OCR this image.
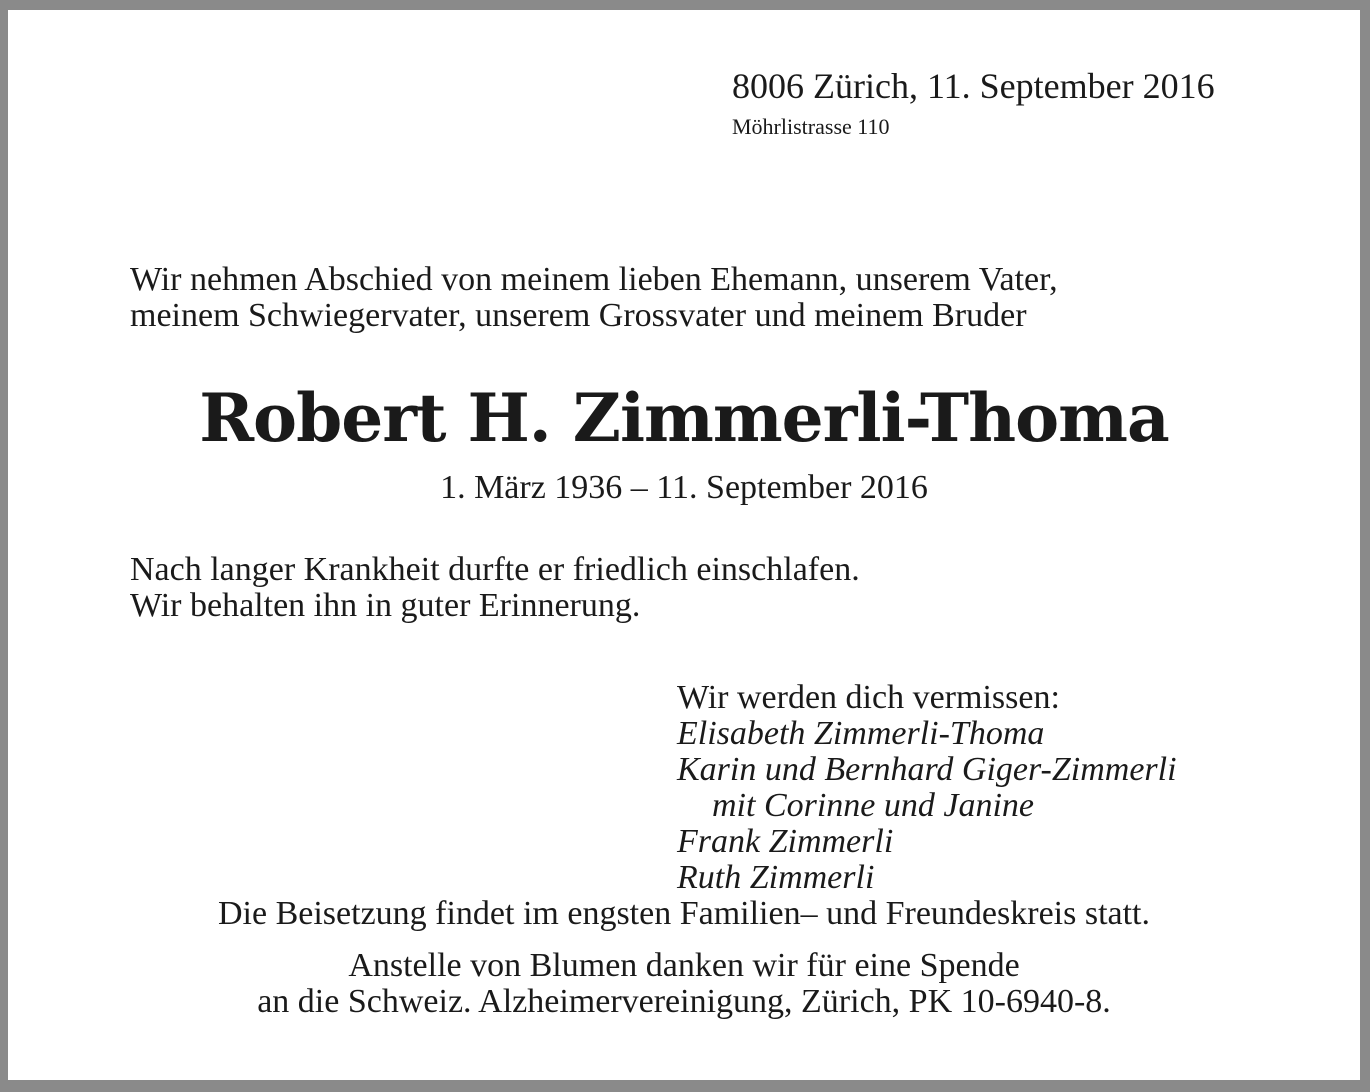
8006 Zürich, 11. September 2016

Möhrlistrasse 110

Wir nehmen Abschied von meinem lieben Ehemann, unserem Vater,
meinem Schwiegervater, unserem Grossvater und meinem Bruder
Robert H. Zimmerli-Thoma

1. März 1936 – 11. September 2016

Nach langer Krankheit durfte er friedlich einschlafen.
Wir behalten ihn in guter Erinnerung.

Wir werden dich vermissen:

Elisabeth Zimmerli-Thoma

Karin und Bernhard Giger-Zimmerli

mit Corinne und Janine

Frank Zimmerli

Ruth Zimmerli

Die Beisetzung findet im engsten Familien– und Freundeskreis statt.

Anstelle von Blumen danken wir für eine Spende
an die Schweiz. Alzheimervereinigung, Zürich, PK 10-6940-8.
